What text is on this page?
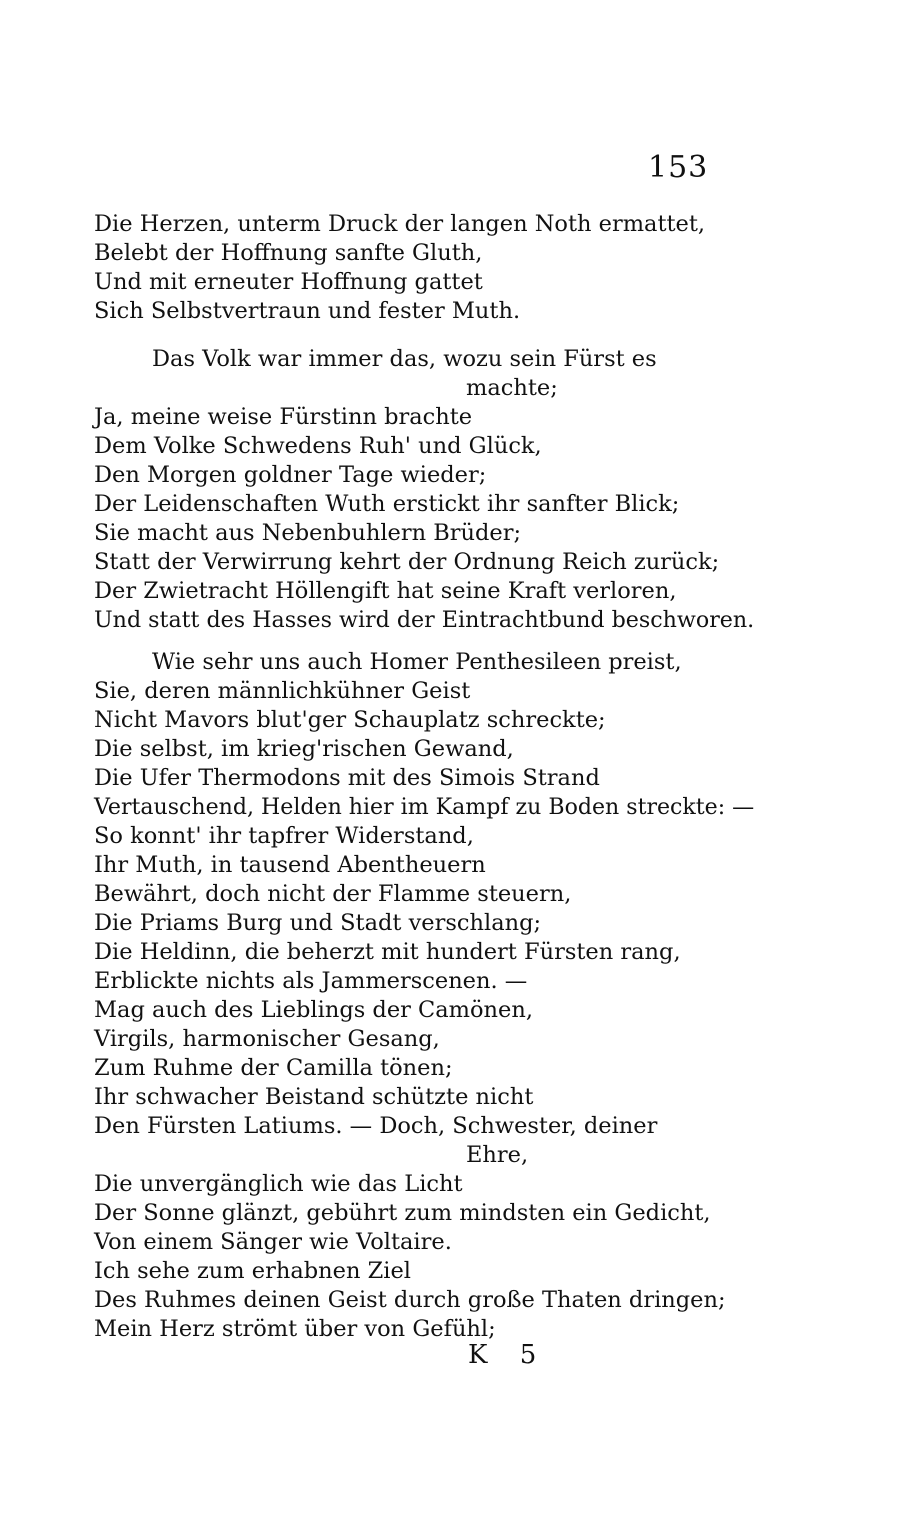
153
Die Herzen, unterm Druck der langen Noth ermattet,
Belebt der Hoffnung sanfte Gluth,
Und mit erneuter Hoffnung gattet
Sich Selbstvertraun und fester Muth.
Das Volk war immer das, wozu sein Fürst es
machte;
Ja, meine weise Fürstinn brachte
Dem Volke Schwedens Ruh' und Glück,
Den Morgen goldner Tage wieder;
Der Leidenschaften Wuth erstickt ihr sanfter Blick;
Sie macht aus Nebenbuhlern Brüder;
Statt der Verwirrung kehrt der Ordnung Reich zurück;
Der Zwietracht Höllengift hat seine Kraft verloren,
Und statt des Hasses wird der Eintrachtbund beschworen.
Wie sehr uns auch Homer Penthesileen preist,
Sie, deren männlichkühner Geist
Nicht Mavors blut'ger Schauplatz schreckte;
Die selbst, im krieg'rischen Gewand,
Die Ufer Thermodons mit des Simois Strand
Vertauschend, Helden hier im Kampf zu Boden streckte: —
So konnt' ihr tapfrer Widerstand,
Ihr Muth, in tausend Abentheuern
Bewährt, doch nicht der Flamme steuern,
Die Priams Burg und Stadt verschlang;
Die Heldinn, die beherzt mit hundert Fürsten rang,
Erblickte nichts als Jammerscenen. —
Mag auch des Lieblings der Camönen,
Virgils, harmonischer Gesang,
Zum Ruhme der Camilla tönen;
Ihr schwacher Beistand schützte nicht
Den Fürsten Latiums. — Doch, Schwester, deiner
Ehre,
Die unvergänglich wie das Licht
Der Sonne glänzt, gebührt zum mindsten ein Gedicht,
Von einem Sänger wie Voltaire.
Ich sehe zum erhabnen Ziel
Des Ruhmes deinen Geist durch große Thaten dringen;
Mein Herz strömt über von Gefühl;
K 5
